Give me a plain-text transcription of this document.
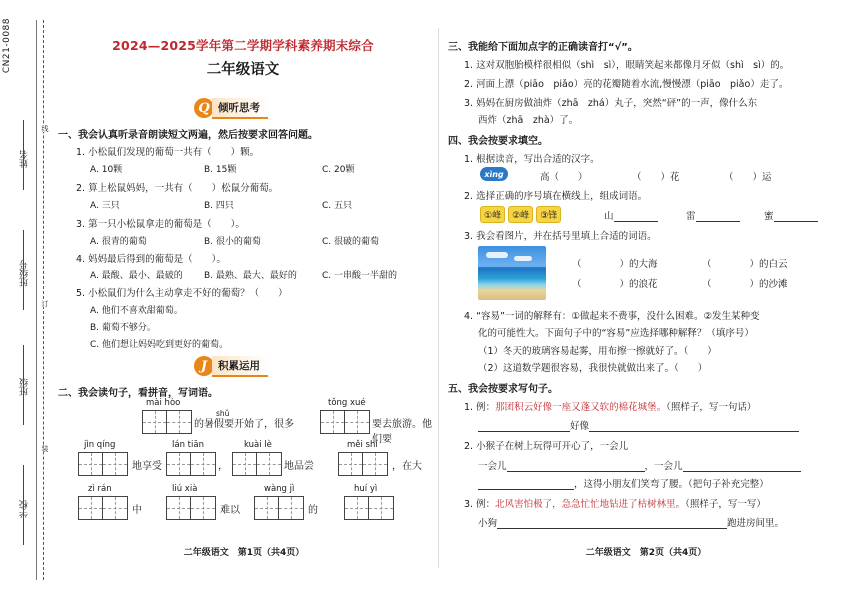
CN21-0088
姓名
班级号
班级
学校
线
订
装
2024—2025学年第二学期学科素养期末综合
二年级语文
Q 倾听思考
一、我会认真听录音朗读短文两遍，然后按要求回答问题。
1. 小松鼠们发现的葡萄一共有（　　）颗。
A. 10颗	B. 15颗	C. 20颗
2. 算上松鼠妈妈，一共有（　　）松鼠分葡萄。
A. 三只	B. 四只	C. 五只
3. 第一只小松鼠拿走的葡萄是（　　）。
A. 很青的葡萄	B. 很小的葡萄	C. 很破的葡萄
4. 妈妈最后得到的葡萄是（　　）。
A. 最酸、最小、最破的 B. 最熟、最大、最好的	C. 一串酸一半甜的
5. 小松鼠们为什么主动拿走不好的葡萄？（　　）
A. 他们不喜欢甜葡萄。
B. 葡萄不够分。
C. 他们想让妈妈吃到更好的葡萄。
J	积累运用
二、我会读句子，看拼音，写词语。
mài hòo
shǔ
tǒng xué
的暑假要开始了，很多	要去旅游。他们要
jìn qíng	lán tiān	kuài lè	měi shí
地享受	，	地品尝	，在大
zì rán	liú xià	wàng jì	huí yì
中	难以	的
二年级语文　第1页（共4页）
三、我能给下面加点字的正确读音打“√”。
1. 这对双胞胎模样很相似（shì　sì），眼睛笑起来都像月牙似（shì　sì）的。
2. 河面上漂（piāo　piǎo）亮的花瓣随着水流,慢慢漂（piāo　piǎo）走了。
3. 妈妈在厨房做油炸（zhā　zhá）丸子，突然“砰”的一声，像什么东
西炸（zhā　zhà）了。
四、我会按要求填空。
1. 根据读音，写出合适的汉字。
xìng	高（　　）	（　　）花	（　　）运
2. 选择正确的序号填在横线上，组成词语。
①峰 ②峰 ③锋	山	雷	蜜
3. 我会看图片，并在括号里填上合适的词语。
（　　　　）的大海	（　　　　）的白云
（　　　　）的浪花	（　　　　）的沙滩
4. “容易”一词的解释有：①做起来不费事，没什么困难。②发生某种变
化的可能性大。下面句子中的“容易”应选择哪种解释？（填序号）
（1）冬天的玻璃容易起雾，用布擦一擦就好了。（　　）
（2）这道数学题很容易，我很快就做出来了。（　　）
五、我会按要求写句子。
1. 例：那团积云好像一座又蓬又软的棉花城堡。（照样子，写一句话）
好像
2. 小猴子在树上玩得可开心了，一会儿
一会儿	，一会儿
，这得小朋友们笑弯了腰。（把句子补充完整）
3. 例：北风害怕极了，急急忙忙地钻进了枯树林里。（照样子，写一写）
小狗	跑进房间里。
二年级语文　第2页（共4页）
